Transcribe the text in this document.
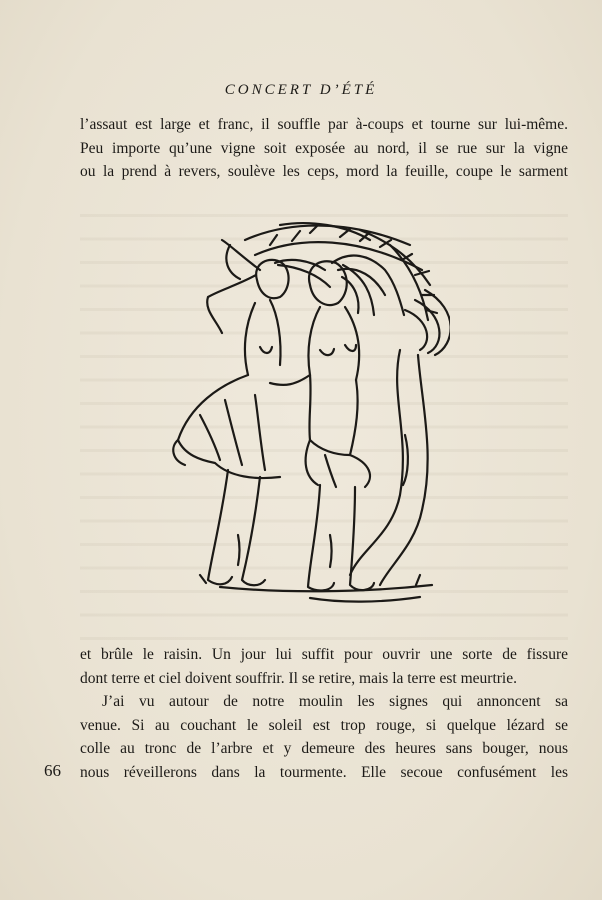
CONCERT D’ÉTÉ
l’assaut est large et franc, il souffle par à-coups et tourne sur lui-même.
Peu importe qu’une vigne soit exposée au nord, il se rue sur la vigne
ou la prend à revers, soulève les ceps, mord la feuille, coupe le sarment
et brûle le raisin. Un jour lui suffit pour ouvrir une sorte de fissure
dont terre et ciel doivent souffrir. Il se retire, mais la terre est meurtrie.
J’ai vu autour de notre moulin les signes qui annoncent sa
venue. Si au couchant le soleil est trop rouge, si quelque lézard se
colle au tronc de l’arbre et y demeure des heures sans bouger, nous
nous réveillerons dans la tourmente. Elle secoue confusément les
66
